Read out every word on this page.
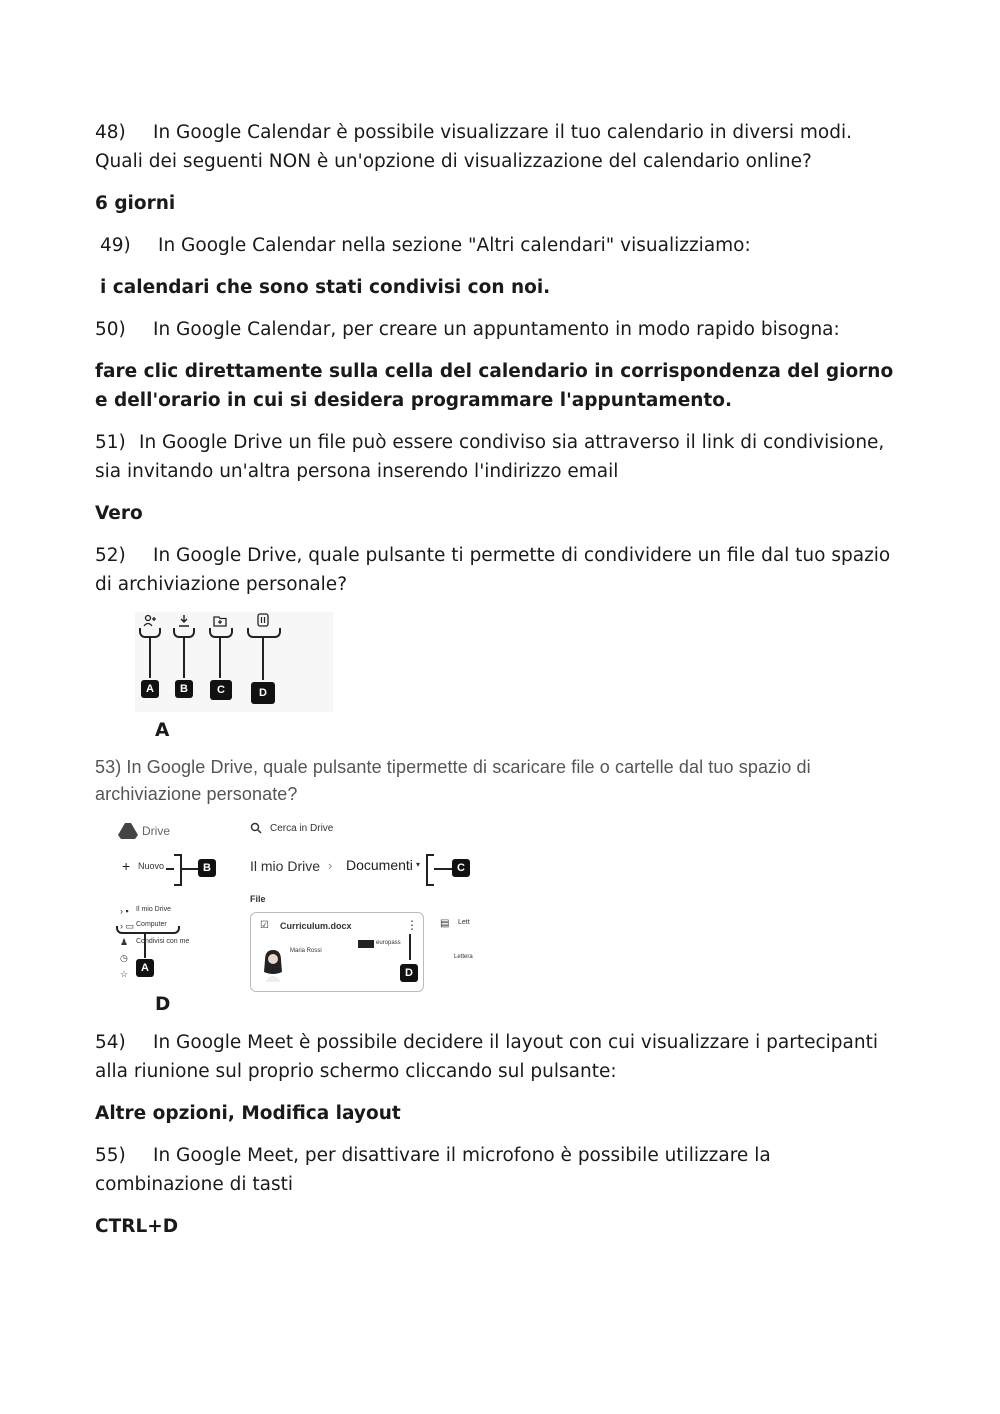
48) In Google Calendar è possibile visualizzare il tuo calendario in diversi modi. Quali dei seguenti NON è un'opzione di visualizzazione del calendario online?

6 giorni

49) In Google Calendar nella sezione "Altri calendari" visualizziamo:

i calendari che sono stati condivisi con noi.

50) In Google Calendar, per creare un appuntamento in modo rapido bisogna:

fare clic direttamente sulla cella del calendario in corrispondenza del giorno e dell'orario in cui si desidera programmare l'appuntamento.

51) In Google Drive un file può essere condiviso sia attraverso il link di condivisione, sia invitando un'altra persona inserendo l'indirizzo email

Vero

52) In Google Drive, quale pulsante ti permette di condividere un file dal tuo spazio di archiviazione personale?

A	B	C	D

A

53) In Google Drive, quale pulsante tipermette di scaricare file o cartelle dal tuo spazio di archiviazione personate?

Drive
+ Nuovo	B
› ▪ Il mio Drive
› ▭ Computer
♟ Condivisi con me
◷
☆	A
Cerca in Drive
Il mio Drive › Documenti ▾	C
File
☑ Curriculum.docx	⋮
D
Maria Rossi
europass
▤ Lett
Lettera

D

54) In Google Meet è possibile decidere il layout con cui visualizzare i partecipanti alla riunione sul proprio schermo cliccando sul pulsante:

Altre opzioni, Modifica layout

55) In Google Meet, per disattivare il microfono è possibile utilizzare la combinazione di tasti

CTRL+D
